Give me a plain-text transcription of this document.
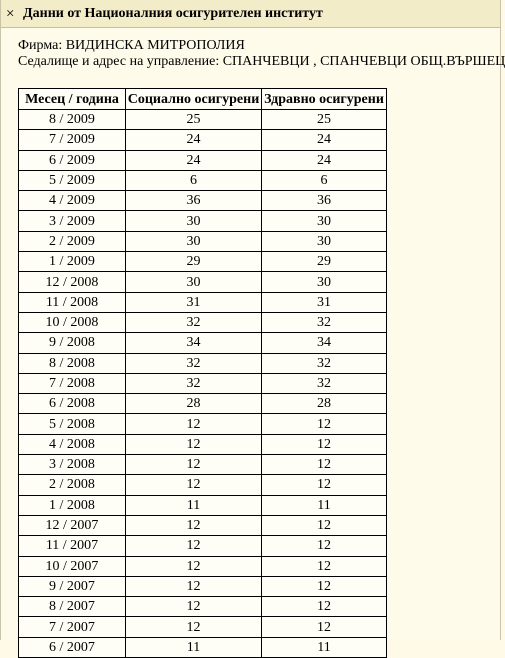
× Данни от Националния осигурителен институт
Фирма: ВИДИНСКА МИТРОПОЛИЯ
Седалище и адрес на управление: СПАНЧЕВЦИ , СПАНЧЕВЦИ ОБЩ.ВЪРШЕЦ
Месец / година	Социално осигурени	Здравно осигурени
8 / 2009	25	25
7 / 2009	24	24
6 / 2009	24	24
5 / 2009	6	6
4 / 2009	36	36
3 / 2009	30	30
2 / 2009	30	30
1 / 2009	29	29
12 / 2008	30	30
11 / 2008	31	31
10 / 2008	32	32
9 / 2008	34	34
8 / 2008	32	32
7 / 2008	32	32
6 / 2008	28	28
5 / 2008	12	12
4 / 2008	12	12
3 / 2008	12	12
2 / 2008	12	12
1 / 2008	11	11
12 / 2007	12	12
11 / 2007	12	12
10 / 2007	12	12
9 / 2007	12	12
8 / 2007	12	12
7 / 2007	12	12
6 / 2007	11	11
